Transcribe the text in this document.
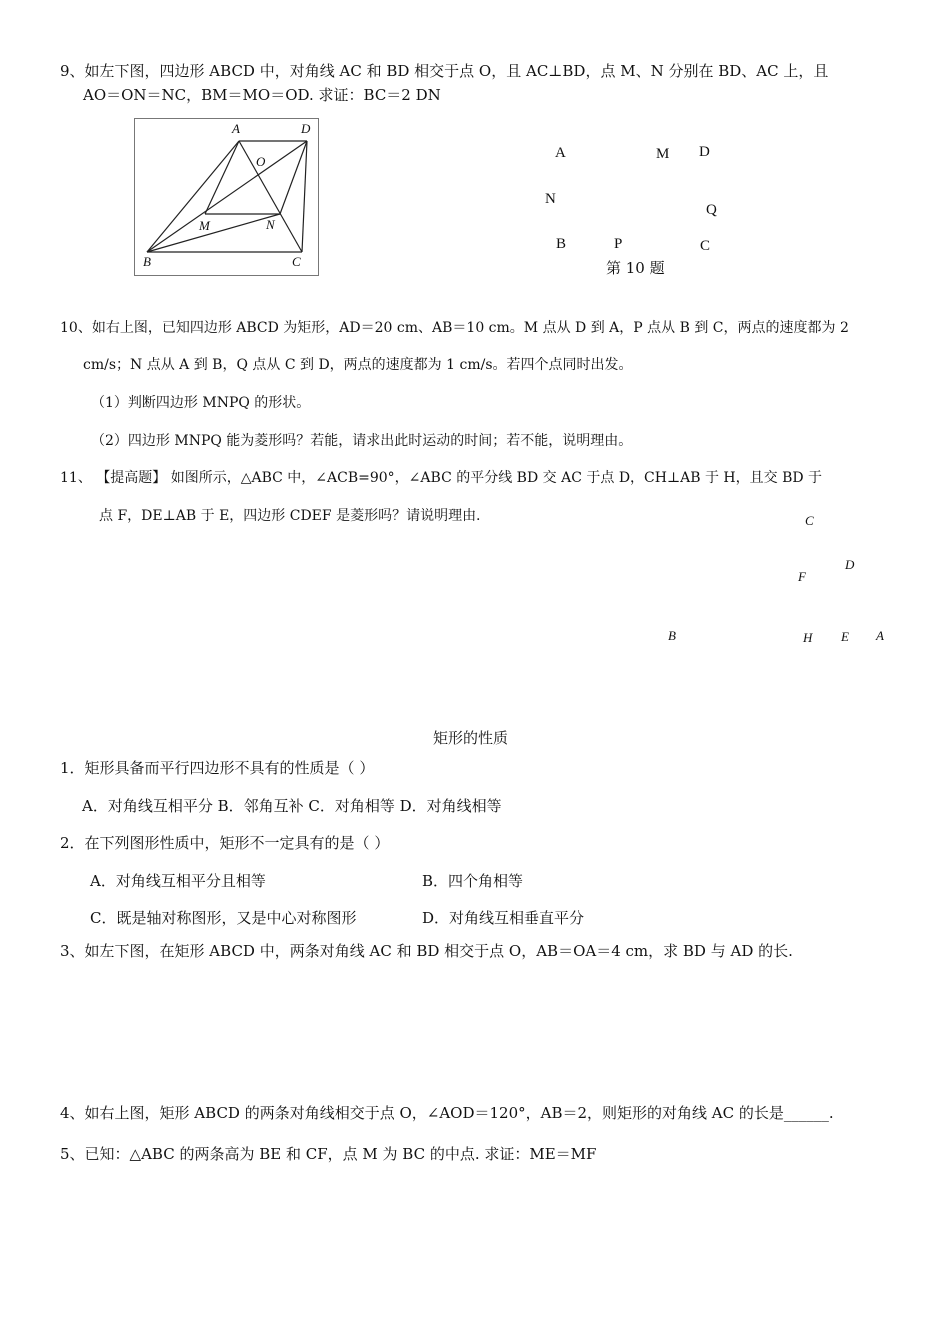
9、如左下图，四边形 ABCD 中，对角线 AC 和 BD 相交于点 O，且 AC⊥BD，点 M、N 分别在 BD、AC 上，且
AO＝ON＝NC，BM＝MO＝OD. 求证：BC＝2 DN
A	D
O
M	N
B	C
A	M D
N
Q
B	P	C
第 10 题
10、如右上图，已知四边形 ABCD 为矩形，AD＝20 cm、AB＝10 cm。M 点从 D 到 A，P 点从 B 到 C，两点的速度都为 2
cm/s；N 点从 A 到 B，Q 点从 C 到 D，两点的速度都为 1 cm/s。若四个点同时出发。
（1）判断四边形 MNPQ 的形状。
（2）四边形 MNPQ 能为菱形吗？若能，请求出此时运动的时间；若不能，说明理由。
11、 【提高题】 如图所示，△ABC 中，∠ACB=90°，∠ABC 的平分线 BD 交 AC 于点 D，CH⊥AB 于 H，且交 BD 于
点 F，DE⊥AB 于 E，四边形 CDEF 是菱形吗？请说明理由.	C
D
F
B	H E A
矩形的性质
1．矩形具备而平行四边形不具有的性质是（ ）
A．对角线互相平分 B．邻角互补 C．对角相等 D．对角线相等
2．在下列图形性质中，矩形不一定具有的是（ ）
A．对角线互相平分且相等	B．四个角相等
C．既是轴对称图形，又是中心对称图形	D．对角线互相垂直平分
3、如左下图，在矩形 ABCD 中，两条对角线 AC 和 BD 相交于点 O，AB＝OA＝4 cm，求 BD 与 AD 的长.
4、如右上图，矩形 ABCD 的两条对角线相交于点 O，∠AOD＝120°，AB＝2，则矩形的对角线 AC 的长是______.
5、已知：△ABC 的两条高为 BE 和 CF，点 M 为 BC 的中点. 求证：ME＝MF
